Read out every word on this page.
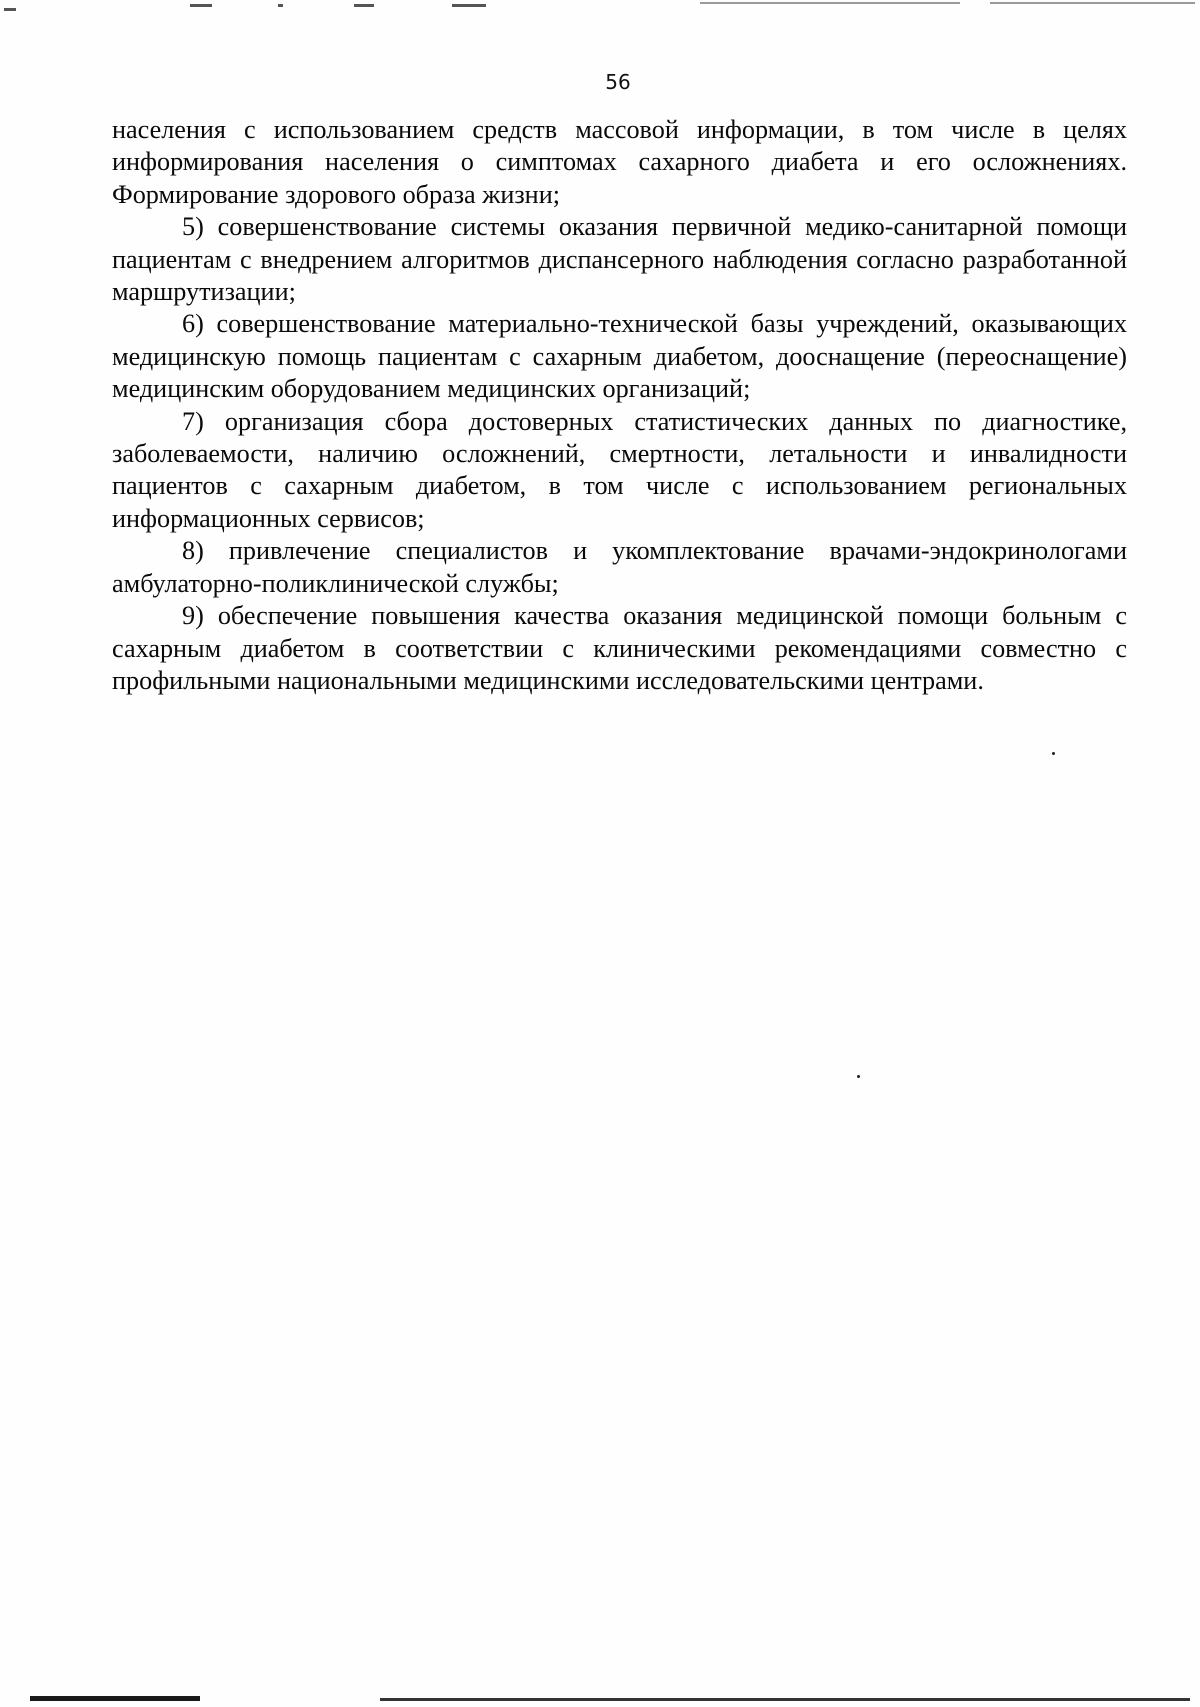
56

населения с использованием средств массовой информации, в том числе в целях информирования населения о симптомах сахарного диабета и его осложнениях. Формирование здорового образа жизни;

5) совершенствование системы оказания первичной медико-санитарной помощи пациентам с внедрением алгоритмов диспансерного наблюдения согласно разработанной маршрутизации;

6) совершенствование материально-технической базы учреждений, оказывающих медицинскую помощь пациентам с сахарным диабетом, дооснащение (переоснащение) медицинским оборудованием медицинских организаций;

7) организация сбора достоверных статистических данных по диагностике, заболеваемости, наличию осложнений, смертности, летальности и инвалидности пациентов с сахарным диабетом, в том числе с использованием региональных информационных сервисов;

8) привлечение специалистов и укомплектование врачами-эндокринологами амбулаторно-поликлинической службы;

9) обеспечение повышения качества оказания медицинской помощи больным с сахарным диабетом в соответствии с клиническими рекомендациями совместно с профильными национальными медицинскими исследовательскими центрами.
